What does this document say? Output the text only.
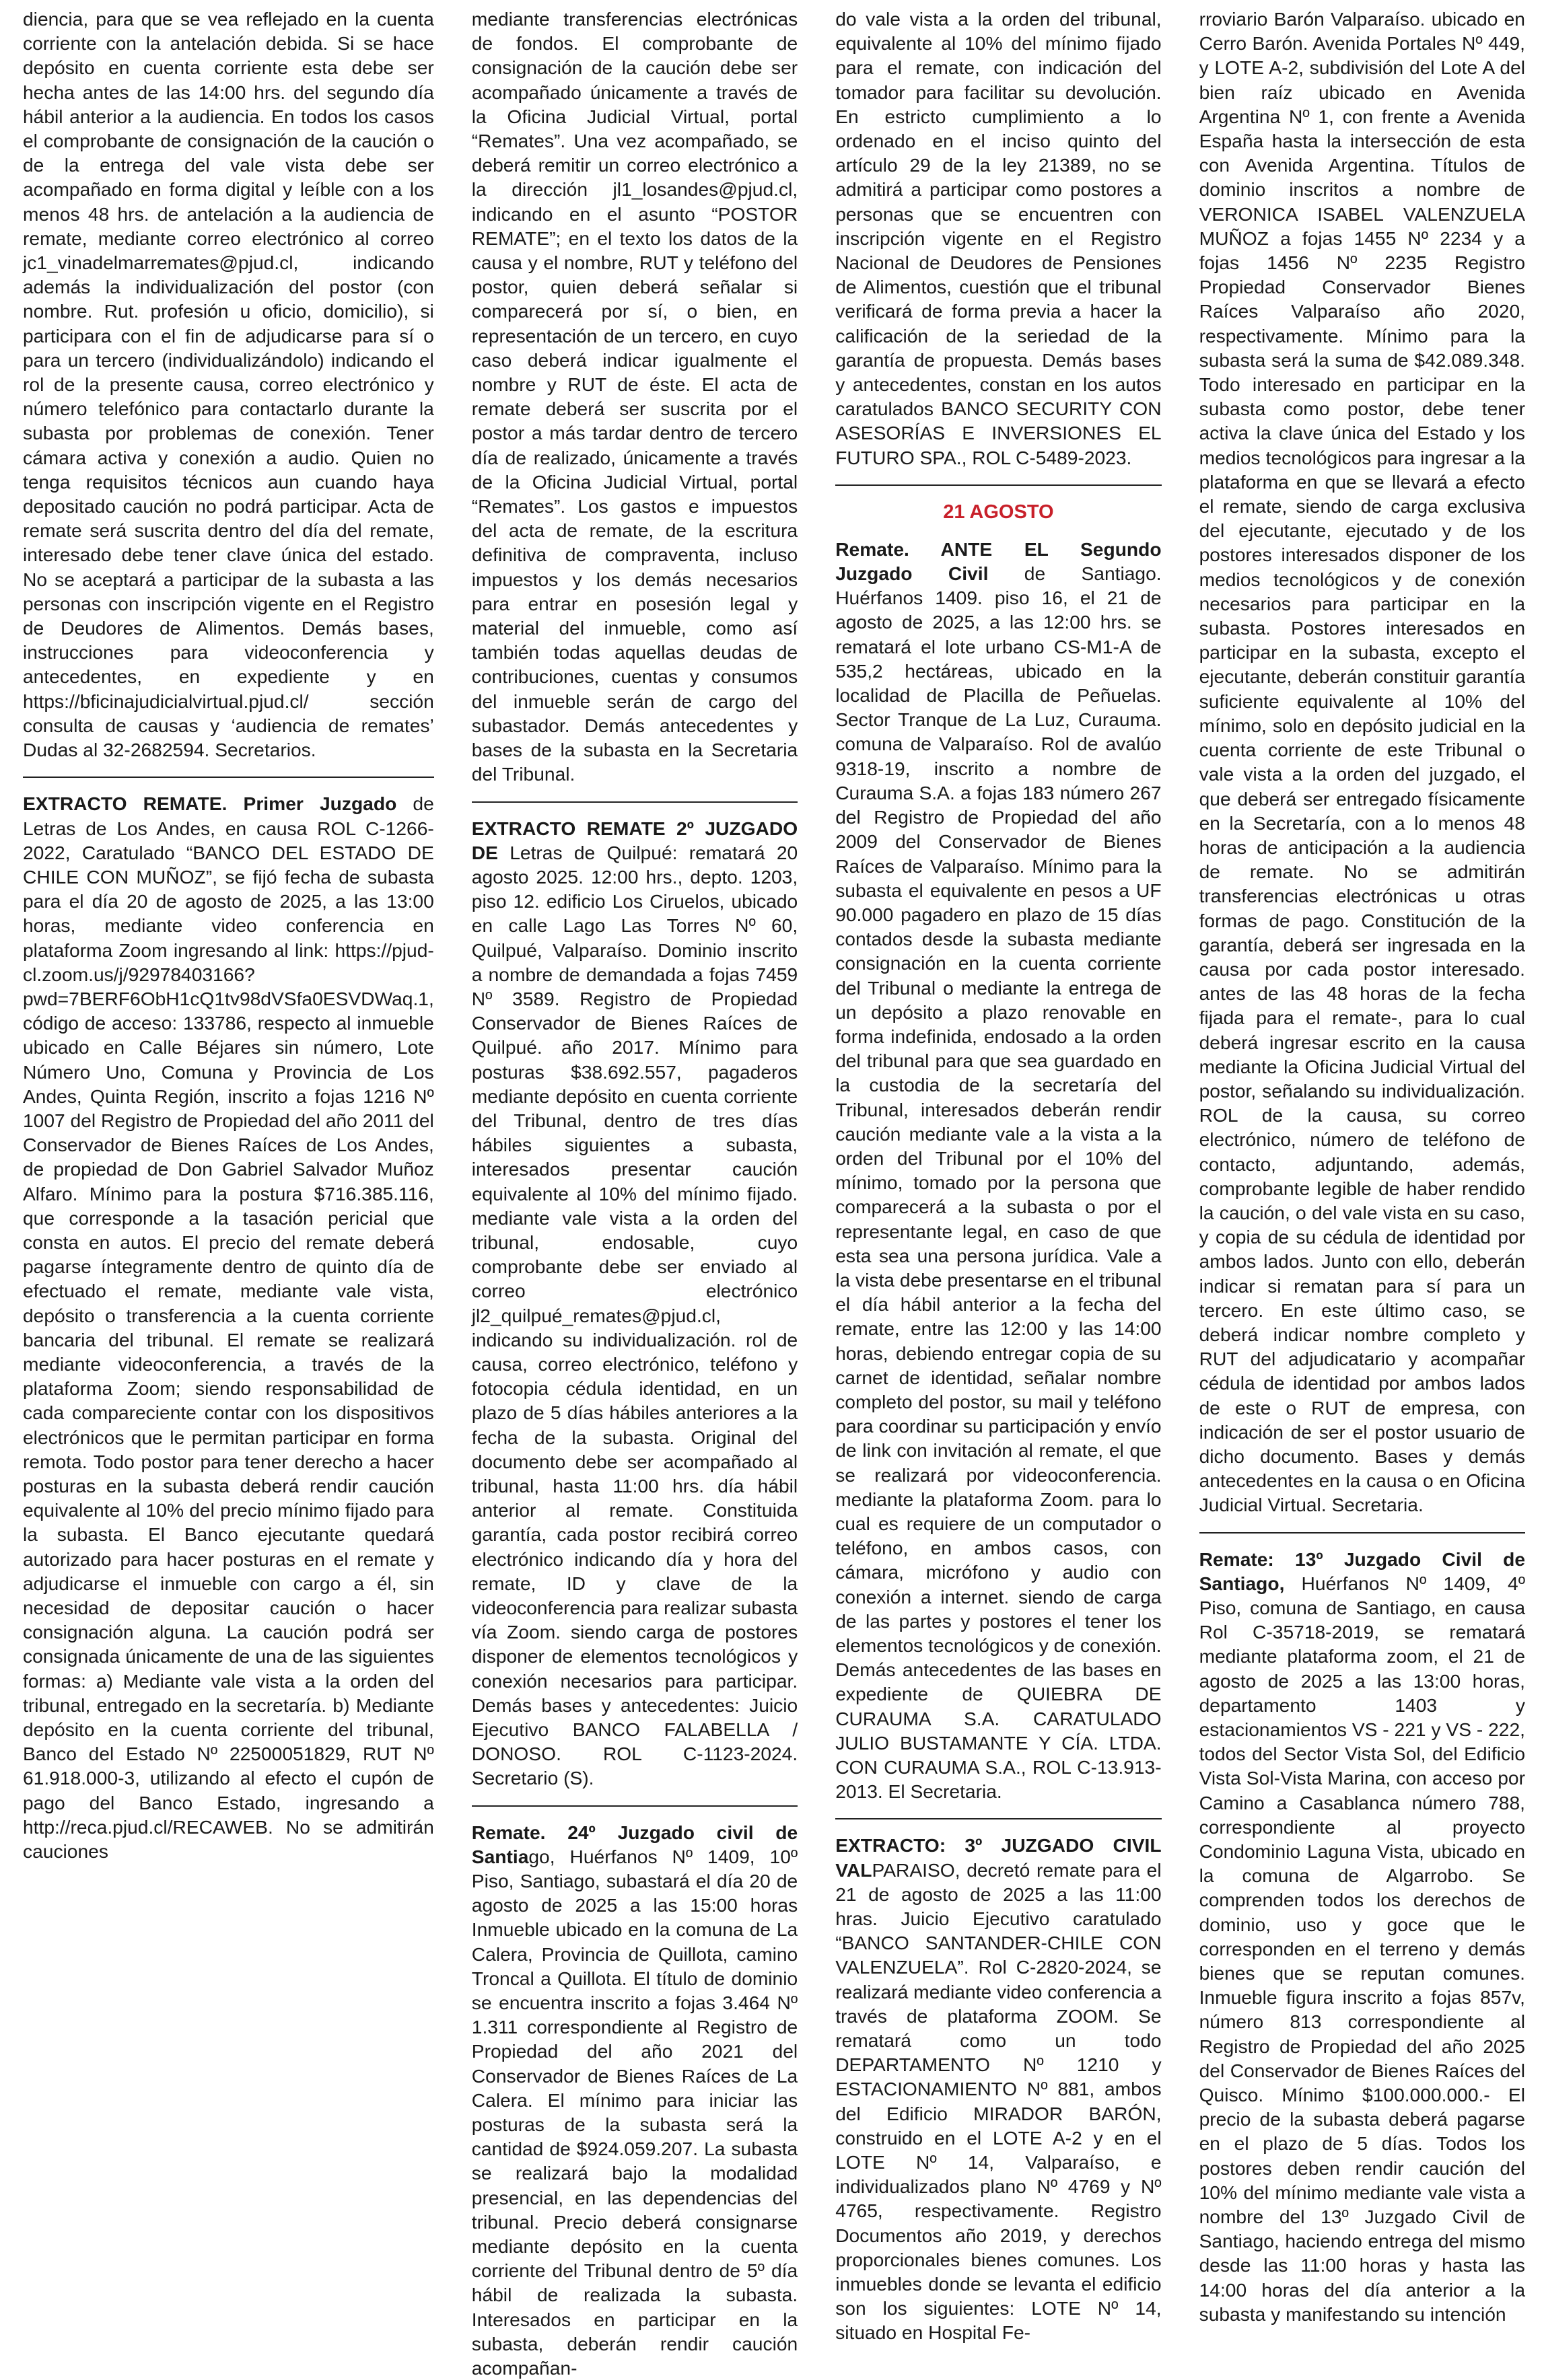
diencia, para que se vea reflejado en la cuenta corriente con la antelación debida. Si se hace depósito en cuenta corriente esta debe ser hecha antes de las 14:00 hrs. del segundo día hábil anterior a la audiencia. En todos los casos el comprobante de consignación de la caución o de la entrega del vale vista debe ser acompañado en forma digital y leíble con a los menos 48 hrs. de antelación a la audiencia de remate, mediante correo electrónico al correo jc1_vinadelmarremates@pjud.cl, indicando además la individualización del postor (con nombre. Rut. profesión u oficio, domicilio), si participara con el fin de adjudicarse para sí o para un tercero (individualizándolo) indicando el rol de la presente causa, correo electrónico y número telefónico para contactarlo durante la subasta por problemas de conexión. Tener cámara activa y conexión a audio. Quien no tenga requisitos técnicos aun cuando haya depositado caución no podrá participar. Acta de remate será suscrita dentro del día del remate, interesado debe tener clave única del estado. No se aceptará a participar de la subasta a las personas con inscripción vigente en el Registro de Deudores de Alimentos. Demás bases, instrucciones para videoconferencia y antecedentes, en expediente y en https://bficinajudicialvirtual.pjud.cl/ sección consulta de causas y ‘audiencia de remates’ Dudas al 32-2682594. Secretarios.

EXTRACTO REMATE. Primer Juzgado de Letras de Los Andes, en causa ROL C-1266-2022, Caratulado “BANCO DEL ESTADO DE CHILE CON MUÑOZ”, se fijó fecha de subasta para el día 20 de agosto de 2025, a las 13:00 horas, mediante video conferencia en plataforma Zoom ingresando al link: https://pjud-cl.zoom.us/j/92978403166?pwd=7BERF6ObH1cQ1tv98dVSfa0ESVDWaq.1, código de acceso: 133786, respecto al inmueble ubicado en Calle Béjares sin número, Lote Número Uno, Comuna y Provincia de Los Andes, Quinta Región, inscrito a fojas 1216 Nº 1007 del Registro de Propiedad del año 2011 del Conservador de Bienes Raíces de Los Andes, de propiedad de Don Gabriel Salvador Muñoz Alfaro. Mínimo para la postura $716.385.116, que corresponde a la tasación pericial que consta en autos. El precio del remate deberá pagarse íntegramente dentro de quinto día de efectuado el remate, mediante vale vista, depósito o transferencia a la cuenta corriente bancaria del tribunal. El remate se realizará mediante videoconferencia, a través de la plataforma Zoom; siendo responsabilidad de cada compareciente contar con los dispositivos electrónicos que le permitan participar en forma remota. Todo postor para tener derecho a hacer posturas en la subasta deberá rendir caución equivalente al 10% del precio mínimo fijado para la subasta. El Banco ejecutante quedará autorizado para hacer posturas en el remate y adjudicarse el inmueble con cargo a él, sin necesidad de depositar caución o hacer consignación alguna. La caución podrá ser consignada únicamente de una de las siguientes formas: a) Mediante vale vista a la orden del tribunal, entregado en la secretaría. b) Mediante depósito en la cuenta corriente del tribunal, Banco del Estado Nº 22500051829, RUT Nº 61.918.000-3, utilizando al efecto el cupón de pago del Banco Estado, ingresando a http://reca.pjud.cl/RECAWEB. No se admitirán cauciones

mediante transferencias electrónicas de fondos. El comprobante de consignación de la caución debe ser acompañado únicamente a través de la Oficina Judicial Virtual, portal “Remates”. Una vez acompañado, se deberá remitir un correo electrónico a la dirección jl1_losandes@pjud.cl, indicando en el asunto “POSTOR REMATE”; en el texto los datos de la causa y el nombre, RUT y teléfono del postor, quien deberá señalar si comparecerá por sí, o bien, en representación de un tercero, en cuyo caso deberá indicar igualmente el nombre y RUT de éste. El acta de remate deberá ser suscrita por el postor a más tardar dentro de tercero día de realizado, únicamente a través de la Oficina Judicial Virtual, portal “Remates”. Los gastos e impuestos del acta de remate, de la escritura definitiva de compraventa, incluso impuestos y los demás necesarios para entrar en posesión legal y material del inmueble, como así también todas aquellas deudas de contribuciones, cuentas y consumos del inmueble serán de cargo del subastador. Demás antecedentes y bases de la subasta en la Secretaria del Tribunal.

EXTRACTO REMATE 2º JUZGADO DE Letras de Quilpué: rematará 20 agosto 2025. 12:00 hrs., depto. 1203, piso 12. edificio Los Ciruelos, ubicado en calle Lago Las Torres Nº 60, Quilpué, Valparaíso. Dominio inscrito a nombre de demandada a fojas 7459 Nº 3589. Registro de Propiedad Conservador de Bienes Raíces de Quilpué. año 2017. Mínimo para posturas $38.692.557, pagaderos mediante depósito en cuenta corriente del Tribunal, dentro de tres días hábiles siguientes a subasta, interesados presentar caución equivalente al 10% del mínimo fijado. mediante vale vista a la orden del tribunal, endosable, cuyo comprobante debe ser enviado al correo electrónico jl2_quilpué_remates@pjud.cl, indicando su individualización. rol de causa, correo electrónico, teléfono y fotocopia cédula identidad, en un plazo de 5 días hábiles anteriores a la fecha de la subasta. Original del documento debe ser acompañado al tribunal, hasta 11:00 hrs. día hábil anterior al remate. Constituida garantía, cada postor recibirá correo electrónico indicando día y hora del remate, ID y clave de la videoconferencia para realizar subasta vía Zoom. siendo carga de postores disponer de elementos tecnológicos y conexión necesarios para participar. Demás bases y antecedentes: Juicio Ejecutivo BANCO FALABELLA / DONOSO. ROL C-1123-2024. Secretario (S).

Remate. 24º Juzgado civil de Santiago, Huérfanos Nº 1409, 10º Piso, Santiago, subastará el día 20 de agosto de 2025 a las 15:00 horas Inmueble ubicado en la comuna de La Calera, Provincia de Quillota, camino Troncal a Quillota. El título de dominio se encuentra inscrito a fojas 3.464 Nº 1.311 correspondiente al Registro de Propiedad del año 2021 del Conservador de Bienes Raíces de La Calera. El mínimo para iniciar las posturas de la subasta será la cantidad de $924.059.207. La subasta se realizará bajo la modalidad presencial, en las dependencias del tribunal. Precio deberá consignarse mediante depósito en la cuenta corriente del Tribunal dentro de 5º día hábil de realizada la subasta. Interesados en participar en la subasta, deberán rendir caución acompañan-

do vale vista a la orden del tribunal, equivalente al 10% del mínimo fijado para el remate, con indicación del tomador para facilitar su devolución. En estricto cumplimiento a lo ordenado en el inciso quinto del artículo 29 de la ley 21389, no se admitirá a participar como postores a personas que se encuentren con inscripción vigente en el Registro Nacional de Deudores de Pensiones de Alimentos, cuestión que el tribunal verificará de forma previa a hacer la calificación de la seriedad de la garantía de propuesta. Demás bases y antecedentes, constan en los autos caratulados BANCO SECURITY CON ASESORÍAS E INVERSIONES EL FUTURO SPA., ROL C-5489-2023.

21 AGOSTO

Remate. ANTE EL Segundo Juzgado Civil de Santiago. Huérfanos 1409. piso 16, el 21 de agosto de 2025, a las 12:00 hrs. se rematará el lote urbano CS-M1-A de 535,2 hectáreas, ubicado en la localidad de Placilla de Peñuelas. Sector Tranque de La Luz, Curauma. comuna de Valparaíso. Rol de avalúo 9318-19, inscrito a nombre de Curauma S.A. a fojas 183 número 267 del Registro de Propiedad del año 2009 del Conservador de Bienes Raíces de Valparaíso. Mínimo para la subasta el equivalente en pesos a UF 90.000 pagadero en plazo de 15 días contados desde la subasta mediante consignación en la cuenta corriente del Tribunal o mediante la entrega de un depósito a plazo renovable en forma indefinida, endosado a la orden del tribunal para que sea guardado en la custodia de la secretaría del Tribunal, interesados deberán rendir caución mediante vale a la vista a la orden del Tribunal por el 10% del mínimo, tomado por la persona que comparecerá a la subasta o por el representante legal, en caso de que esta sea una persona jurídica. Vale a la vista debe presentarse en el tribunal el día hábil anterior a la fecha del remate, entre las 12:00 y las 14:00 horas, debiendo entregar copia de su carnet de identidad, señalar nombre completo del postor, su mail y teléfono para coordinar su participación y envío de link con invitación al remate, el que se realizará por videoconferencia. mediante la plataforma Zoom. para lo cual es requiere de un computador o teléfono, en ambos casos, con cámara, micrófono y audio con conexión a internet. siendo de carga de las partes y postores el tener los elementos tecnológicos y de conexión. Demás antecedentes de las bases en expediente de QUIEBRA DE CURAUMA S.A. CARATULADO JULIO BUSTAMANTE Y CÍA. LTDA. CON CURAUMA S.A., ROL C-13.913-2013. El Secretaria.

EXTRACTO: 3º JUZGADO CIVIL VALPARAISO, decretó remate para el 21 de agosto de 2025 a las 11:00 hras. Juicio Ejecutivo caratulado “BANCO SANTANDER-CHILE CON VALENZUELA”. Rol C-2820-2024, se realizará mediante video conferencia a través de plataforma ZOOM. Se rematará como un todo DEPARTAMENTO Nº 1210 y ESTACIONAMIENTO Nº 881, ambos del Edificio MIRADOR BARÓN, construido en el LOTE A-2 y en el LOTE Nº 14, Valparaíso, e individualizados plano Nº 4769 y Nº 4765, respectivamente. Registro Documentos año 2019, y derechos proporcionales bienes comunes. Los inmuebles donde se levanta el edificio son los siguientes: LOTE Nº 14, situado en Hospital Fe-

rroviario Barón Valparaíso. ubicado en Cerro Barón. Avenida Portales Nº 449, y LOTE A-2, subdivisión del Lote A del bien raíz ubicado en Avenida Argentina Nº 1, con frente a Avenida España hasta la intersección de esta con Avenida Argentina. Títulos de dominio inscritos a nombre de VERONICA ISABEL VALENZUELA MUÑOZ a fojas 1455 Nº 2234 y a fojas 1456 Nº 2235 Registro Propiedad Conservador Bienes Raíces Valparaíso año 2020, respectivamente. Mínimo para la subasta será la suma de $42.089.348. Todo interesado en participar en la subasta como postor, debe tener activa la clave única del Estado y los medios tecnológicos para ingresar a la plataforma en que se llevará a efecto el remate, siendo de carga exclusiva del ejecutante, ejecutado y de los postores interesados disponer de los medios tecnológicos y de conexión necesarios para participar en la subasta. Postores interesados en participar en la subasta, excepto el ejecutante, deberán constituir garantía suficiente equivalente al 10% del mínimo, solo en depósito judicial en la cuenta corriente de este Tribunal o vale vista a la orden del juzgado, el que deberá ser entregado físicamente en la Secretaría, con a lo menos 48 horas de anticipación a la audiencia de remate. No se admitirán transferencias electrónicas u otras formas de pago. Constitución de la garantía, deberá ser ingresada en la causa por cada postor interesado. antes de las 48 horas de la fecha fijada para el remate-, para lo cual deberá ingresar escrito en la causa mediante la Oficina Judicial Virtual del postor, señalando su individualización. ROL de la causa, su correo electrónico, número de teléfono de contacto, adjuntando, además, comprobante legible de haber rendido la caución, o del vale vista en su caso, y copia de su cédula de identidad por ambos lados. Junto con ello, deberán indicar si rematan para sí para un tercero. En este último caso, se deberá indicar nombre completo y RUT del adjudicatario y acompañar cédula de identidad por ambos lados de este o RUT de empresa, con indicación de ser el postor usuario de dicho documento. Bases y demás antecedentes en la causa o en Oficina Judicial Virtual. Secretaria.

Remate: 13º Juzgado Civil de Santiago, Huérfanos Nº 1409, 4º Piso, comuna de Santiago, en causa Rol C-35718-2019, se rematará mediante plataforma zoom, el 21 de agosto de 2025 a las 13:00 horas, departamento 1403 y estacionamientos VS - 221 y VS - 222, todos del Sector Vista Sol, del Edificio Vista Sol-Vista Marina, con acceso por Camino a Casablanca número 788, correspondiente al proyecto Condominio Laguna Vista, ubicado en la comuna de Algarrobo. Se comprenden todos los derechos de dominio, uso y goce que le corresponden en el terreno y demás bienes que se reputan comunes. Inmueble figura inscrito a fojas 857v, número 813 correspondiente al Registro de Propiedad del año 2025 del Conservador de Bienes Raíces del Quisco. Mínimo $100.000.000.- El precio de la subasta deberá pagarse en el plazo de 5 días. Todos los postores deben rendir caución del 10% del mínimo mediante vale vista a nombre del 13º Juzgado Civil de Santiago, haciendo entrega del mismo desde las 11:00 horas y hasta las 14:00 horas del día anterior a la subasta y manifestando su intención
